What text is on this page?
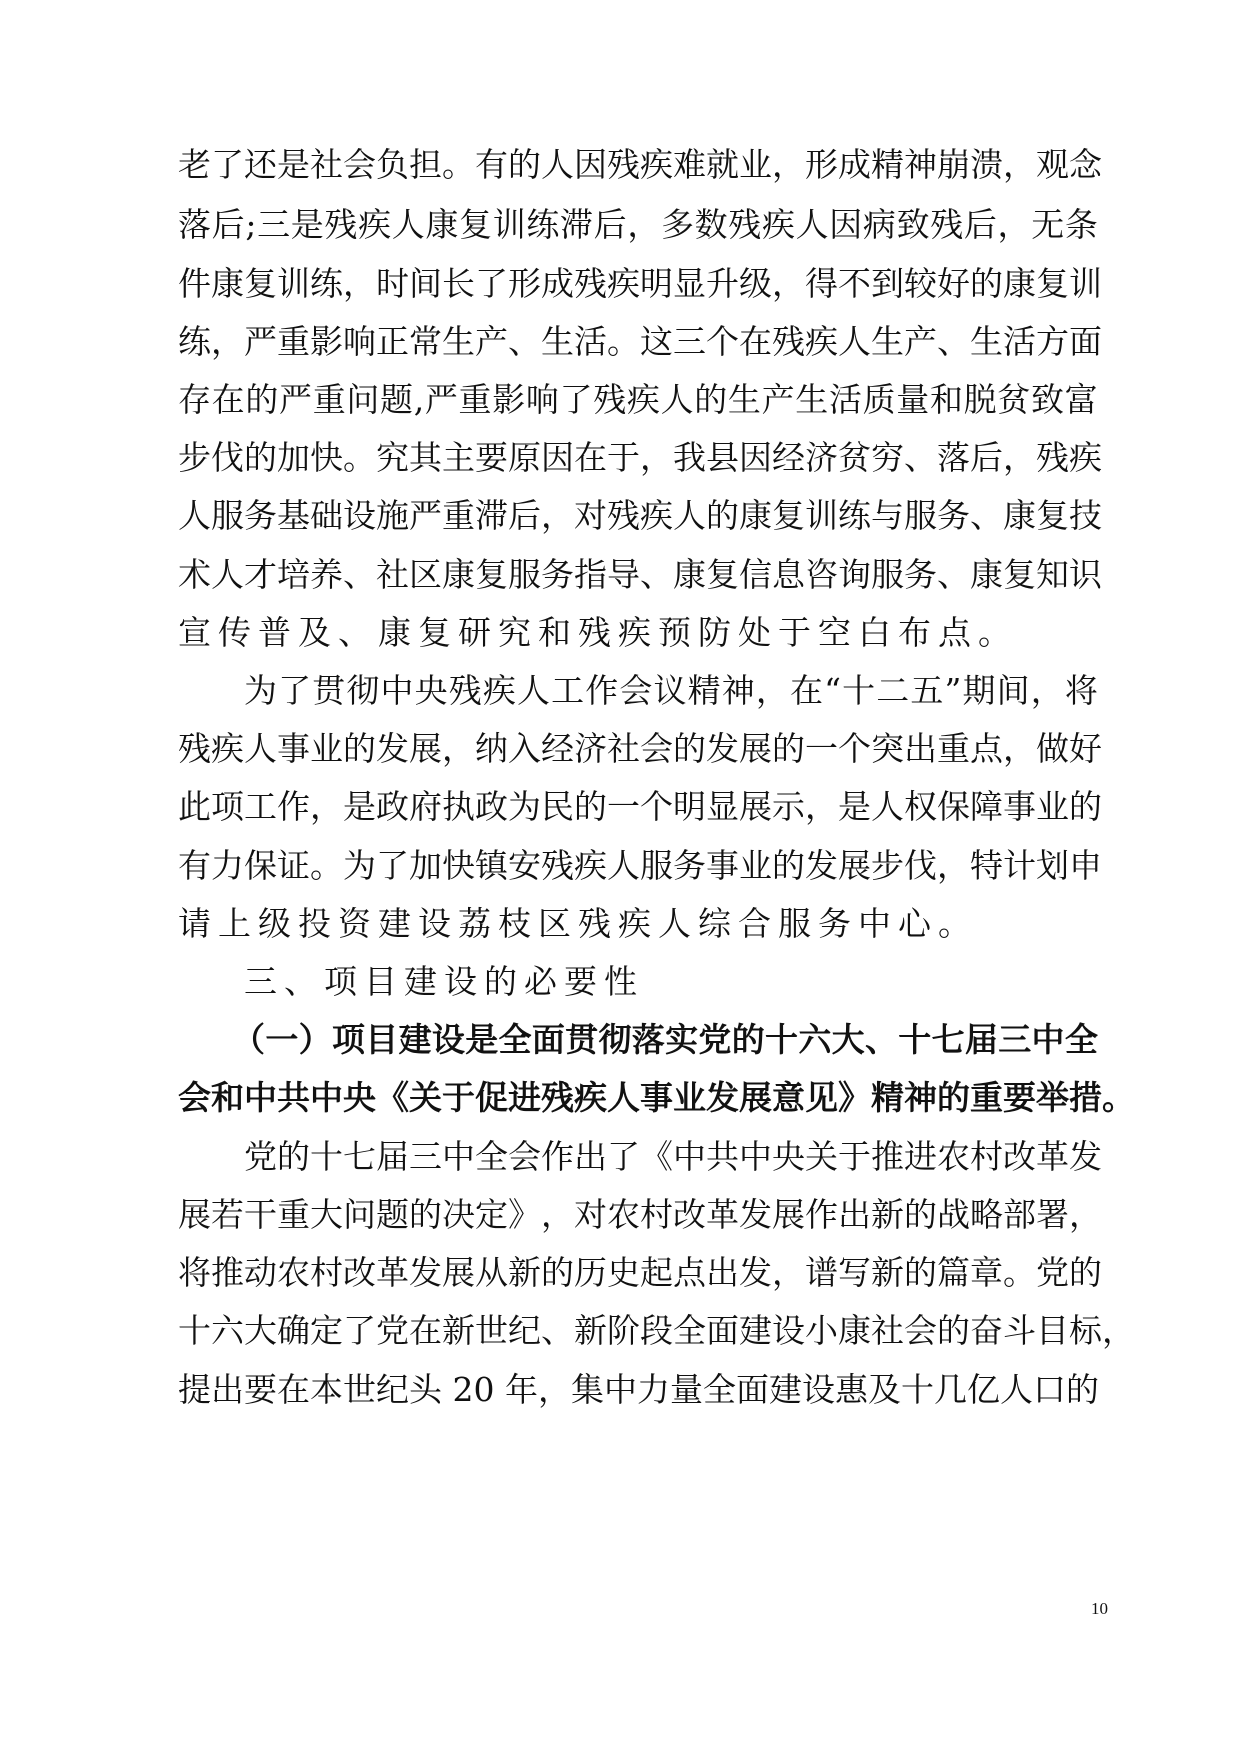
老 了 还 是 社 会 负 担 。 有 的 人 因 残 疾 难 就 业 ， 形 成 精 神 崩 溃 ， 观 念
落 后 ; 三 是 残 疾 人 康 复 训 练 滞 后 ， 多 数 残 疾 人 因 病 致 残 后 ， 无 条
件 康 复 训 练 ， 时 间 长 了 形 成 残 疾 明 显 升 级 ， 得 不 到 较 好 的 康 复 训
练 ， 严 重 影 响 正 常 生 产 、 生 活 。 这 三 个 在 残 疾 人 生 产 、 生 活 方 面
存 在 的 严 重 问 题 , 严 重 影 响 了 残 疾 人 的 生 产 生 活 质 量 和 脱 贫 致 富
步 伐 的 加 快 。 究 其 主 要 原 因 在 于 ， 我 县 因 经 济 贫 穷 、 落 后 ， 残 疾
人 服 务 基 础 设 施 严 重 滞 后 ， 对 残 疾 人 的 康 复 训 练 与 服 务 、 康 复 技
术 人 才 培 养 、 社 区 康 复 服 务 指 导 、 康 复 信 息 咨 询 服 务 、 康 复 知 识
宣传普及、康复研究和残疾预防处于空白布点。
为 了 贯 彻 中 央 残 疾 人 工 作 会 议 精 神 ， 在 “ 十 二 五 ” 期 间 ， 将
残 疾 人 事 业 的 发 展 ， 纳 入 经 济 社 会 的 发 展 的 一 个 突 出 重 点 ， 做 好
此 项 工 作 ， 是 政 府 执 政 为 民 的 一 个 明 显 展 示 ， 是 人 权 保 障 事 业 的
有 力 保 证 。 为 了 加 快 镇 安 残 疾 人 服 务 事 业 的 发 展 步 伐 ， 特 计 划 申
请上级投资建设荔枝区残疾人综合服务中心。
三、项目建设的必要性
（ 一 ） 项 目 建 设 是 全 面 贯 彻 落 实 党 的 十 六 大 、 十 七 届 三 中 全
会 和 中 共 中 央 《 关 于 促 进 残 疾 人 事 业 发 展 意 见 》 精 神 的 重 要 举 措 。
党 的 十 七 届 三 中 全 会 作 出 了 《 中 共 中 央 关 于 推 进 农 村 改 革 发
展 若 干 重 大 问 题 的 决 定 》 ， 对 农 村 改 革 发 展 作 出 新 的 战 略 部 署 ，
将 推 动 农 村 改 革 发 展 从 新 的 历 史 起 点 出 发 ， 谱 写 新 的 篇 章 。 党 的
十 六 大 确 定 了 党 在 新 世 纪 、 新 阶 段 全 面 建 设 小 康 社 会 的 奋 斗 目 标 ，
提 出 要 在 本 世 纪 头
2 0
年 ， 集 中 力 量 全 面 建 设 惠 及 十 几 亿 人 口 的
10
